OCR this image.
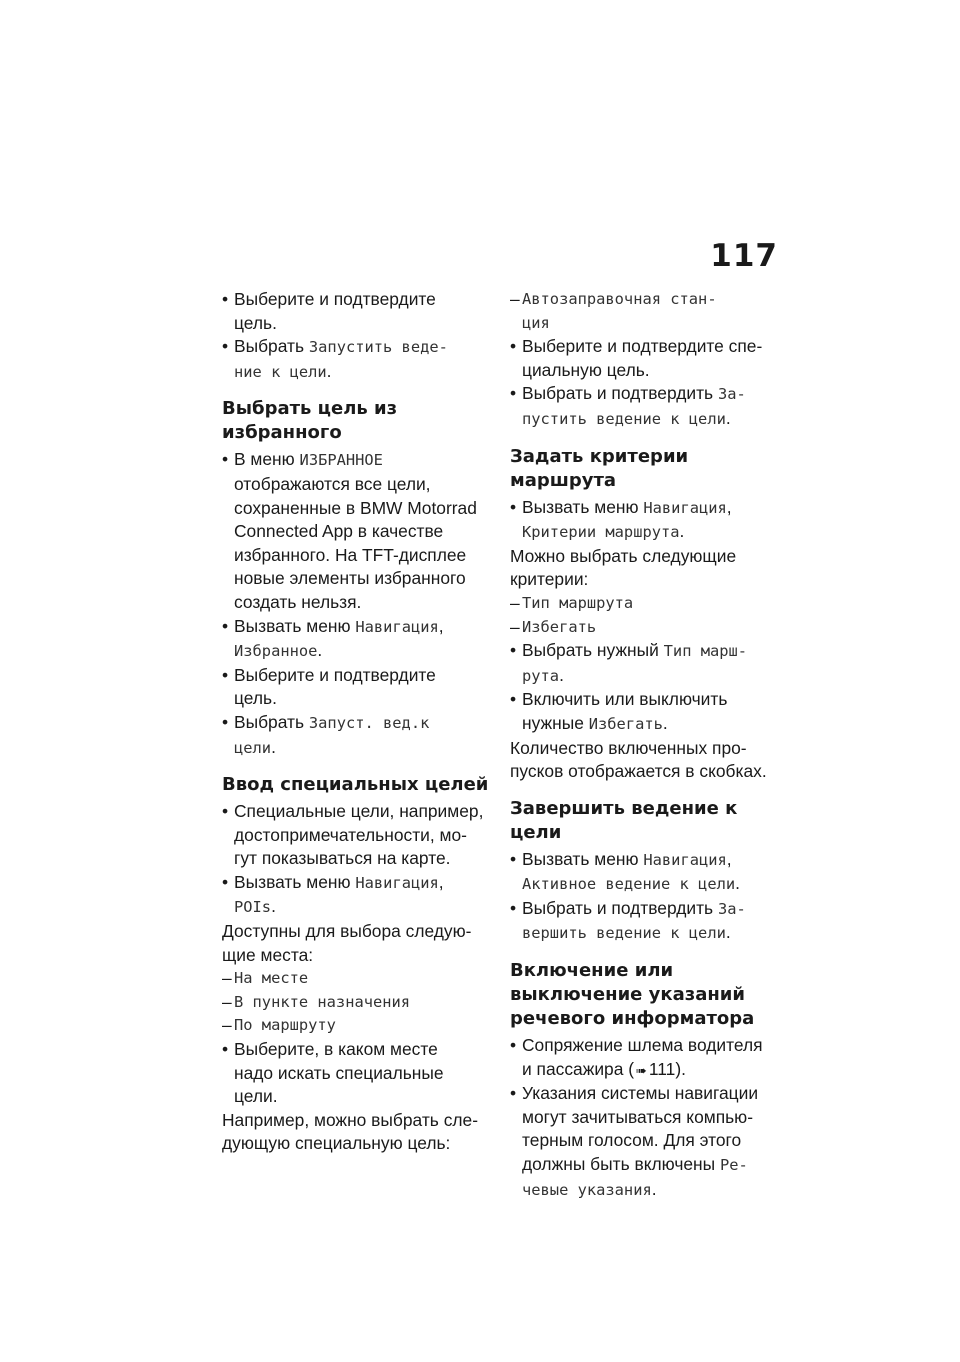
117
• Выберите и подтвердите
цель.
• Выбрать Запустить веде-
ние к цели.
Выбрать цель из
избранного
• В меню ИЗБРАННОЕ
отображаются все цели,
сохраненные в BMW Motorrad
Connected App в качестве
избранного. На TFT-дисплее
новые элементы избранного
создать нельзя.
• Вызвать меню Навигация,
Избранное.
• Выберите и подтвердите
цель.
• Выбрать Запуст. вед.к
цели.
Ввод специальных целей
• Специальные цели, например,
достопримечательности, мо-
гут показываться на карте.
• Вызвать меню Навигация,
POIs.
Доступны для выбора следую-
щие места:
– На месте
– В пункте назначения
– По маршруту
• Выберите, в каком месте
надо искать специальные
цели.
Например, можно выбрать сле-
дующую специальную цель:
– Автозаправочная стан-
ция
• Выберите и подтвердите спе-
циальную цель.
• Выбрать и подтвердить За-
пустить ведение к цели.
Задать критерии маршрута
• Вызвать меню Навигация,
Критерии маршрута.
Можно выбрать следующие
критерии:
– Тип маршрута
– Избегать
• Выбрать нужный Тип марш-
рута.
• Включить или выключить
нужные Избегать.
Количество включенных про-
пусков отображается в скобках.
Завершить ведение к цели
• Вызвать меню Навигация,
Активное ведение к цели.
• Выбрать и подтвердить За-
вершить ведение к цели.
Включение или
выключение указаний
речевого информатора
• Сопряжение шлема водителя
и пассажира ( ➠ 111).
• Указания системы навигации
могут зачитываться компью-
терным голосом. Для этого
должны быть включены Ре-
чевые указания.
